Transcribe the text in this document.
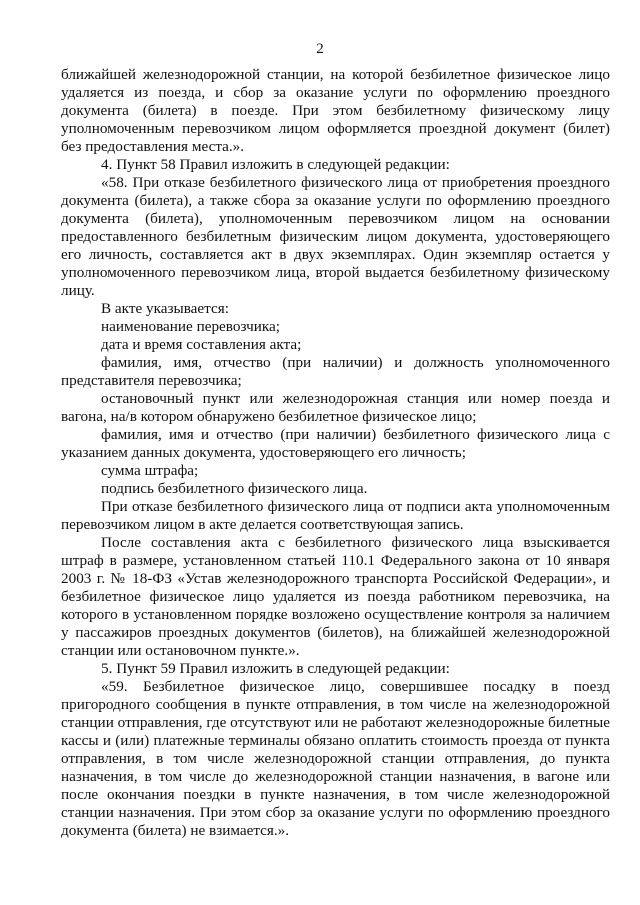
2

ближайшей железнодорожной станции, на которой безбилетное физическое лицо удаляется из поезда, и сбор за оказание услуги по оформлению проездного документа (билета) в поезде. При этом безбилетному физическому лицу уполномоченным перевозчиком лицом оформляется проездной документ (билет) без предоставления места.».

4. Пункт 58 Правил изложить в следующей редакции:

«58. При отказе безбилетного физического лица от приобретения проездного документа (билета), а также сбора за оказание услуги по оформлению проездного документа (билета), уполномоченным перевозчиком лицом на основании предоставленного безбилетным физическим лицом документа, удостоверяющего его личность, составляется акт в двух экземплярах. Один экземпляр остается у уполномоченного перевозчиком лица, второй выдается безбилетному физическому лицу.

В акте указывается:

наименование перевозчика;

дата и время составления акта;

фамилия, имя, отчество (при наличии) и должность уполномоченного представителя перевозчика;

остановочный пункт или железнодорожная станция или номер поезда и вагона, на/в котором обнаружено безбилетное физическое лицо;

фамилия, имя и отчество (при наличии) безбилетного физического лица с указанием данных документа, удостоверяющего его личность;

сумма штрафа;

подпись безбилетного физического лица.

При отказе безбилетного физического лица от подписи акта уполномоченным перевозчиком лицом в акте делается соответствующая запись.

После составления акта с безбилетного физического лица взыскивается штраф в размере, установленном статьей 110.1 Федерального закона от 10 января 2003 г. № 18-ФЗ «Устав железнодорожного транспорта Российской Федерации», и безбилетное физическое лицо удаляется из поезда работником перевозчика, на которого в установленном порядке возложено осуществление контроля за наличием у пассажиров проездных документов (билетов), на ближайшей железнодорожной станции или остановочном пункте.».

5. Пункт 59 Правил изложить в следующей редакции:

«59. Безбилетное физическое лицо, совершившее посадку в поезд пригородного сообщения в пункте отправления, в том числе на железнодорожной станции отправления, где отсутствуют или не работают железнодорожные билетные кассы и (или) платежные терминалы обязано оплатить стоимость проезда от пункта отправления, в том числе железнодорожной станции отправления, до пункта назначения, в том числе до железнодорожной станции назначения, в вагоне или после окончания поездки в пункте назначения, в том числе железнодорожной станции назначения. При этом сбор за оказание услуги по оформлению проездного документа (билета) не взимается.».
